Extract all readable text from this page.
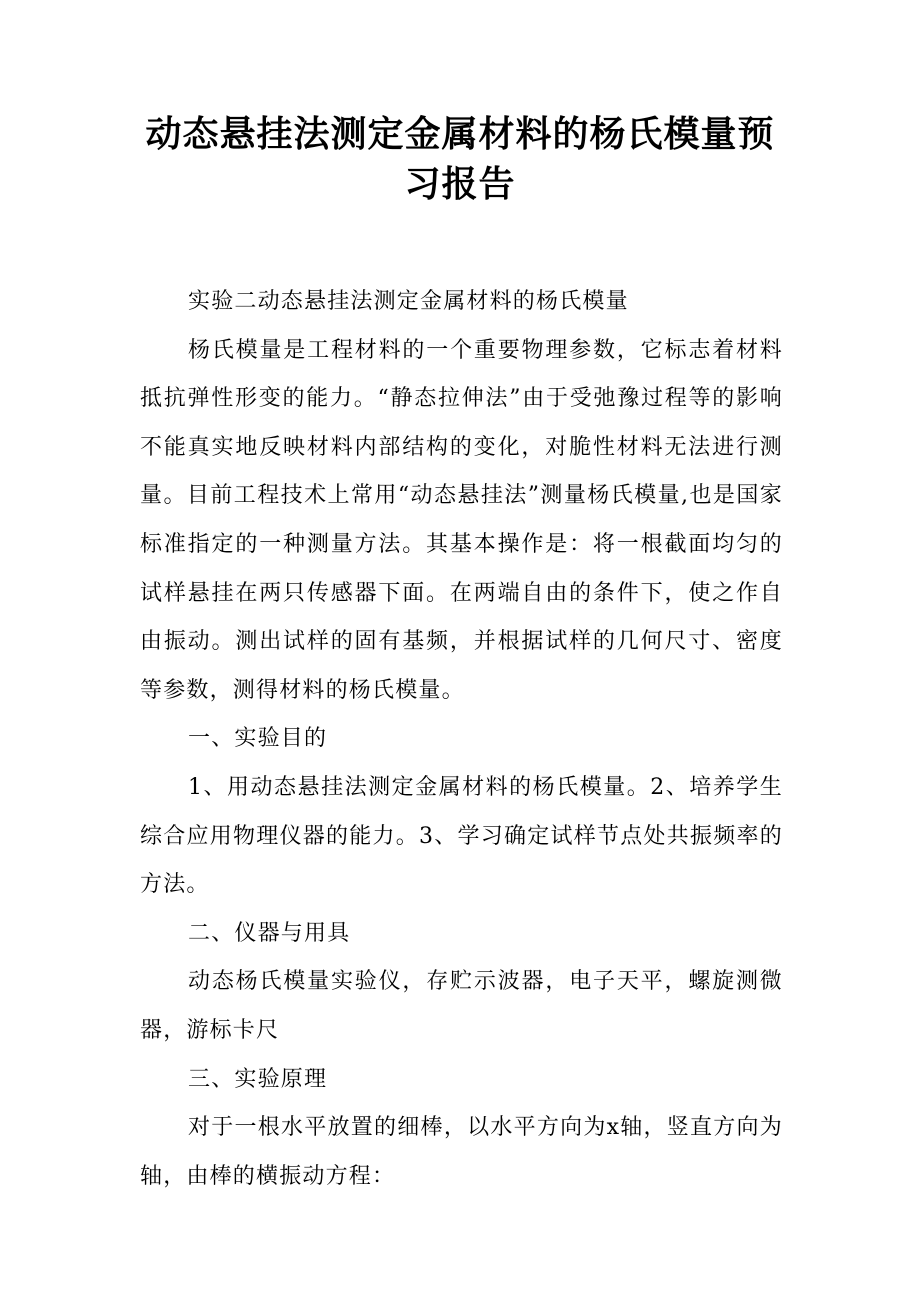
动态悬挂法测定金属材料的杨氏模量预习报告

实验二动态悬挂法测定金属材料的杨氏模量

杨氏模量是工程材料的一个重要物理参数，它标志着材料抵抗弹性形变的能力。“静态拉伸法”由于受弛豫过程等的影响不能真实地反映材料内部结构的变化，对脆性材料无法进行测量。目前工程技术上常用“动态悬挂法”测量杨氏模量,也是国家标准指定的一种测量方法。其基本操作是：将一根截面均匀的试样悬挂在两只传感器下面。在两端自由的条件下，使之作自由振动。测出试样的固有基频，并根据试样的几何尺寸、密度等参数，测得材料的杨氏模量。

一、实验目的

1、用动态悬挂法测定金属材料的杨氏模量。2、培养学生综合应用物理仪器的能力。3、学习确定试样节点处共振频率的方法。

二、仪器与用具

动态杨氏模量实验仪，存贮示波器，电子天平，螺旋测微器，游标卡尺

三、实验原理

对于一根水平放置的细棒，以水平方向为x轴，竖直方向为轴，由棒的横振动方程：
